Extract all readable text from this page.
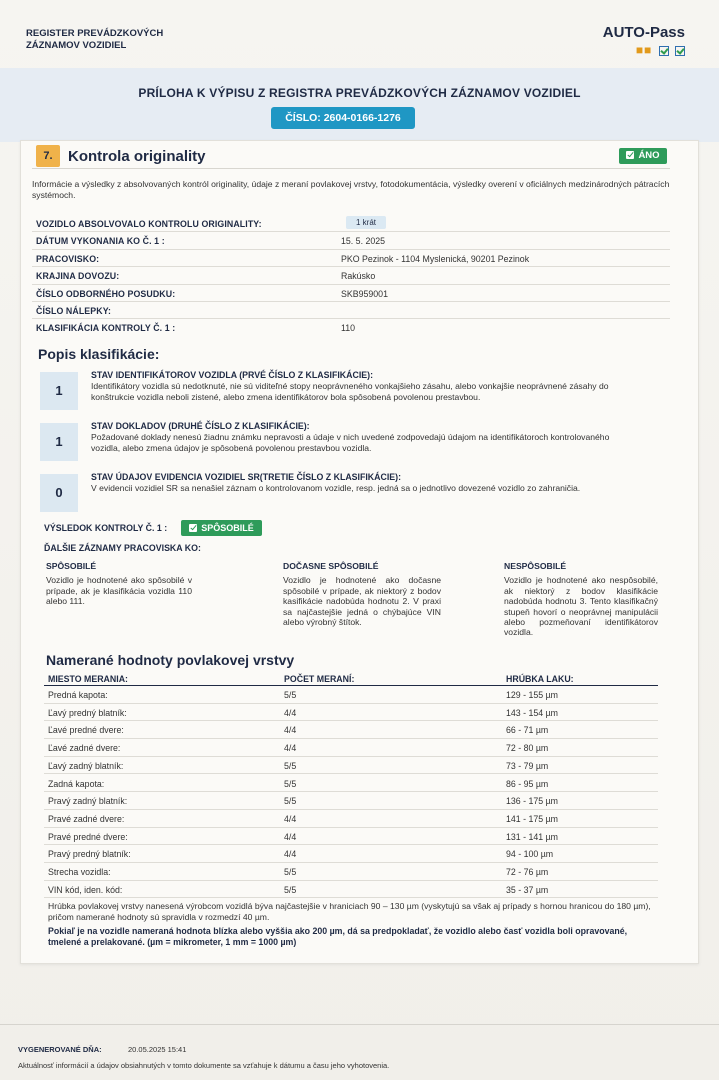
REGISTER PREVÁDZKOVÝCH
ZÁZNAMOV VOZIDIEL
AUTO-Pass
■■
PRÍLOHA K VÝPISU Z REGISTRA PREVÁDZKOVÝCH ZÁZNAMOV VOZIDIEL
ČÍSLO: 2604-0166-1276
7.	Kontrola originality	ÁNO
Informácie a výsledky z absolvovaných kontról originality, údaje z meraní povlakovej vrstvy, fotodokumentácia, výsledky overení v oficiálnych medzinárodných pátracích systémoch.
VOZIDLO ABSOLVOVALO KONTROLU ORIGINALITY:	1 krát
DÁTUM VYKONANIA KO Č. 1 :	15. 5. 2025
PRACOVISKO:	PKO Pezinok - 1104 Myslenická, 90201 Pezinok
KRAJINA DOVOZU:	Rakúsko
ČÍSLO ODBORNÉHO POSUDKU:	SKB959001
ČÍSLO NÁLEPKY:
KLASIFIKÁCIA KONTROLY Č. 1 :	110
Popis klasifikácie:
1
STAV IDENTIFIKÁTOROV VOZIDLA (PRVÉ ČÍSLO Z KLASIFIKÁCIE):
Identifikátory vozidla sú nedotknuté, nie sú viditeľné stopy neoprávneného vonkajšieho zásahu, alebo vonkajšie neoprávnené zásahy do konštrukcie vozidla neboli zistené, alebo zmena identifikátorov bola spôsobená povolenou prestavbou.
1
STAV DOKLADOV (DRUHÉ ČÍSLO Z KLASIFIKÁCIE):
Požadované doklady nenesú žiadnu známku nepravosti a údaje v nich uvedené zodpovedajú údajom na identifikátoroch kontrolovaného vozidla, alebo zmena údajov je spôsobená povolenou prestavbou vozidla.
0
STAV ÚDAJOV EVIDENCIA VOZIDIEL SR(TRETIE ČÍSLO Z KLASIFIKÁCIE):
V evidencii vozidiel SR sa nenašiel záznam o kontrolovanom vozidle, resp. jedná sa o jednotlivo dovezené vozidlo zo zahraničia.
VÝSLEDOK KONTROLY Č. 1 :	SPÔSOBILÉ
ĎALŠIE ZÁZNAMY PRACOVISKA KO:
SPÔSOBILÉ
Vozidlo je hodnotené ako spôsobilé v prípade, ak je klasifikácia vozidla 110 alebo 111.
DOČASNE SPÔSOBILÉ
Vozidlo je hodnotené ako dočasne spôsobilé v prípade, ak niektorý z bodov kasifikácie nadobúda hodnotu 2. V praxi sa najčastejšie jedná o chýbajúce VIN alebo výrobný štítok.
NESPÔSOBILÉ
Vozidlo je hodnotené ako nespôsobilé, ak niektorý z bodov klasifikácie nadobúda hodnotu 3. Tento klasifikačný stupeň hovorí o neoprávnej manipulácii alebo pozmeňovaní identifikátorov vozidla.
Namerané hodnoty povlakovej vrstvy
MIESTO MERANIA:	POČET MERANÍ:	HRÚBKA LAKU:
Predná kapota:	5/5	129 - 155 µm
Ľavý predný blatník:	4/4	143 - 154 µm
Ľavé predné dvere:	4/4	66 - 71 µm
Ľavé zadné dvere:	4/4	72 - 80 µm
Ľavý zadný blatník:	5/5	73 - 79 µm
Zadná kapota:	5/5	86 - 95 µm
Pravý zadný blatník:	5/5	136 - 175 µm
Pravé zadné dvere:	4/4	141 - 175 µm
Pravé predné dvere:	4/4	131 - 141 µm
Pravý predný blatník:	4/4	94 - 100 µm
Strecha vozidla:	5/5	72 - 76 µm
VIN kód, iden. kód:	5/5	35 - 37 µm
Hrúbka povlakovej vrstvy nanesená výrobcom vozidlá býva najčastejšie v hraniciach 90 – 130 µm (vyskytujú sa však aj prípady s hornou hranicou do 180 µm), pričom namerané hodnoty sú spravidla v rozmedzí 40 µm.
Pokiaľ je na vozidle nameraná hodnota blízka alebo vyššia ako 200 µm, dá sa predpokladať, že vozidlo alebo časť vozidla boli opravované, tmelené a prelakované. (µm = mikrometer, 1 mm = 1000 µm)
VYGENEROVANÉ DŇA:	20.05.2025 15:41
Aktuálnosť informácií a údajov obsiahnutých v tomto dokumente sa vzťahuje k dátumu a času jeho vyhotovenia.
